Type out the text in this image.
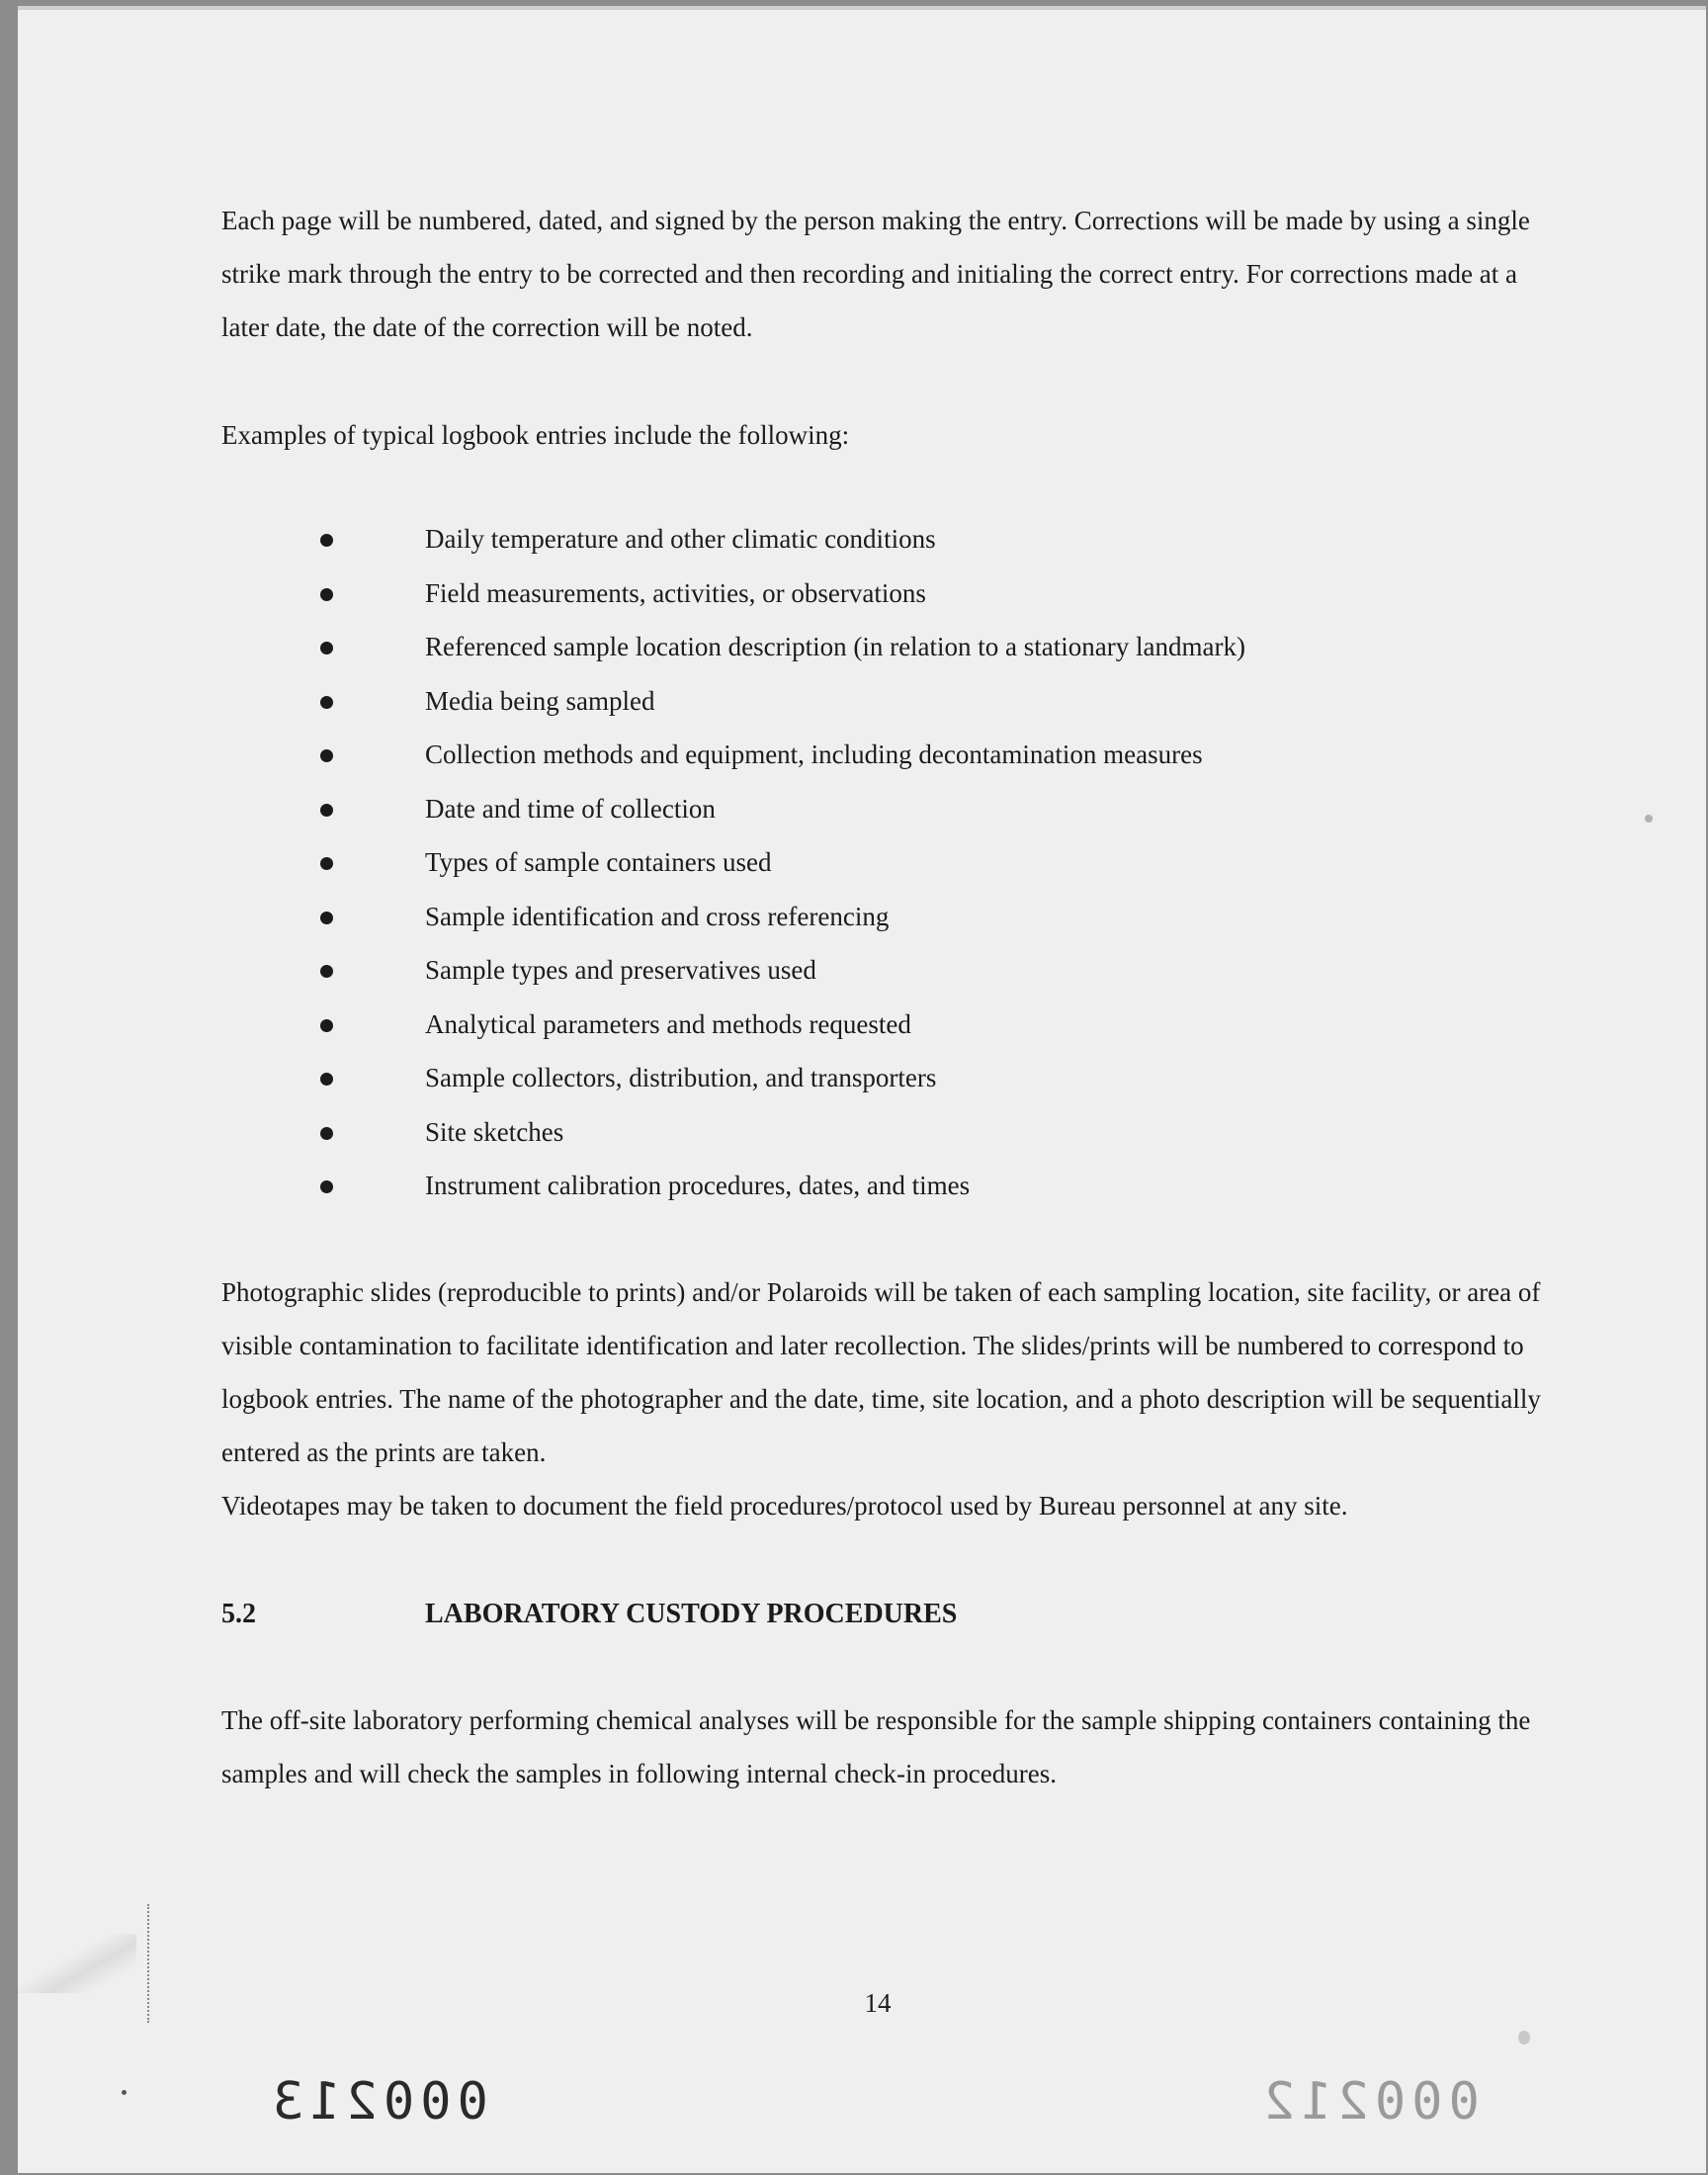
Each page will be numbered, dated, and signed by the person making the entry. Corrections will be made by using a single strike mark through the entry to be corrected and then recording and initialing the correct entry. For corrections made at a later date, the date of the correction will be noted.

Examples of typical logbook entries include the following:

Daily temperature and other climatic conditions
Field measurements, activities, or observations
Referenced sample location description (in relation to a stationary landmark)
Media being sampled
Collection methods and equipment, including decontamination measures
Date and time of collection
Types of sample containers used
Sample identification and cross referencing
Sample types and preservatives used
Analytical parameters and methods requested
Sample collectors, distribution, and transporters
Site sketches
Instrument calibration procedures, dates, and times

Photographic slides (reproducible to prints) and/or Polaroids will be taken of each sampling location, site facility, or area of visible contamination to facilitate identification and later recollection. The slides/prints will be numbered to correspond to logbook entries. The name of the photographer and the date, time, site location, and a photo description will be sequentially entered as the prints are taken.

Videotapes may be taken to document the field procedures/protocol used by Bureau personnel at any site.

5.2	LABORATORY CUSTODY PROCEDURES

The off-site laboratory performing chemical analyses will be responsible for the sample shipping containers containing the samples and will check the samples in following internal check-in procedures.

14
000213	000212
